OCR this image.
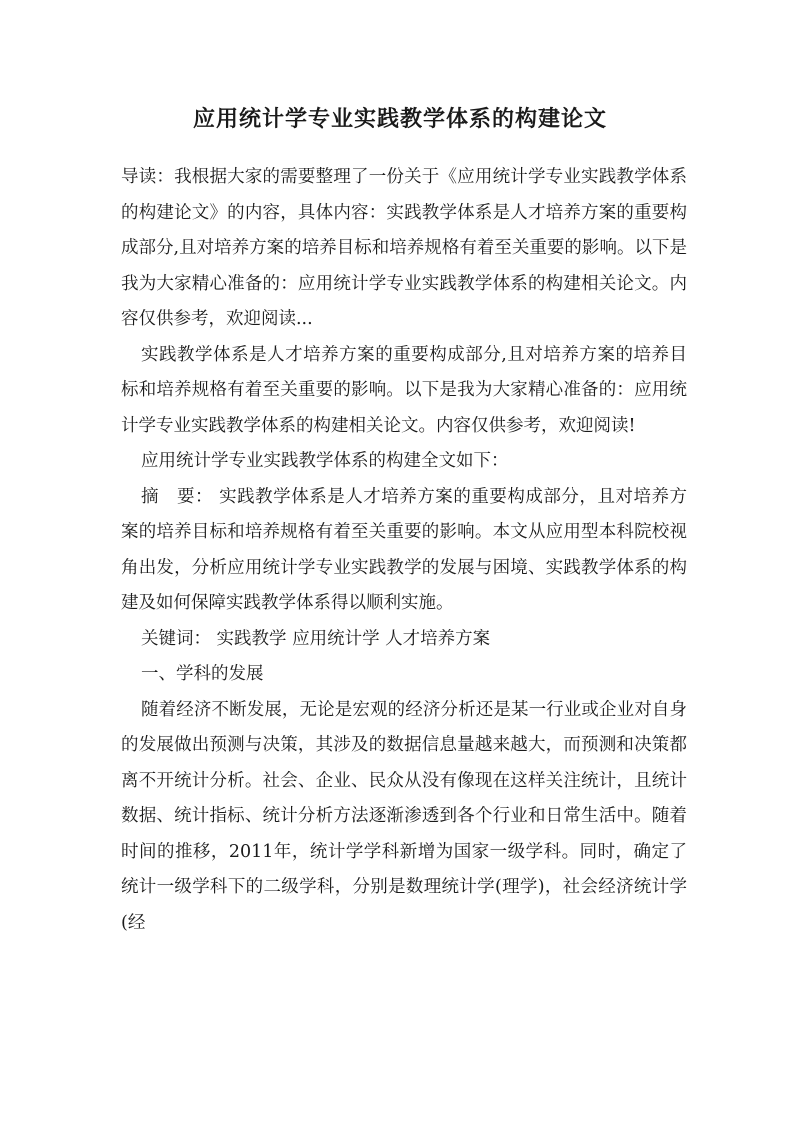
应用统计学专业实践教学体系的构建论文

导读：我根据大家的需要整理了一份关于《应用统计学专业实践教学体系的构建论文》的内容，具体内容：实践教学体系是人才培养方案的重要构成部分,且对培养方案的培养目标和培养规格有着至关重要的影响。以下是我为大家精心准备的：应用统计学专业实践教学体系的构建相关论文。内容仅供参考，欢迎阅读...

实践教学体系是人才培养方案的重要构成部分,且对培养方案的培养目标和培养规格有着至关重要的影响。以下是我为大家精心准备的：应用统计学专业实践教学体系的构建相关论文。内容仅供参考，欢迎阅读!

应用统计学专业实践教学体系的构建全文如下：

摘　要： 实践教学体系是人才培养方案的重要构成部分，且对培养方案的培养目标和培养规格有着至关重要的影响。本文从应用型本科院校视角出发，分析应用统计学专业实践教学的发展与困境、实践教学体系的构建及如何保障实践教学体系得以顺利实施。

关键词： 实践教学 应用统计学 人才培养方案

一、学科的发展

随着经济不断发展，无论是宏观的经济分析还是某一行业或企业对自身的发展做出预测与决策，其涉及的数据信息量越来越大，而预测和决策都离不开统计分析。社会、企业、民众从没有像现在这样关注统计，且统计数据、统计指标、统计分析方法逐渐渗透到各个行业和日常生活中。随着时间的推移，2011年，统计学学科新增为国家一级学科。同时，确定了统计一级学科下的二级学科，分别是数理统计学(理学)，社会经济统计学(经
